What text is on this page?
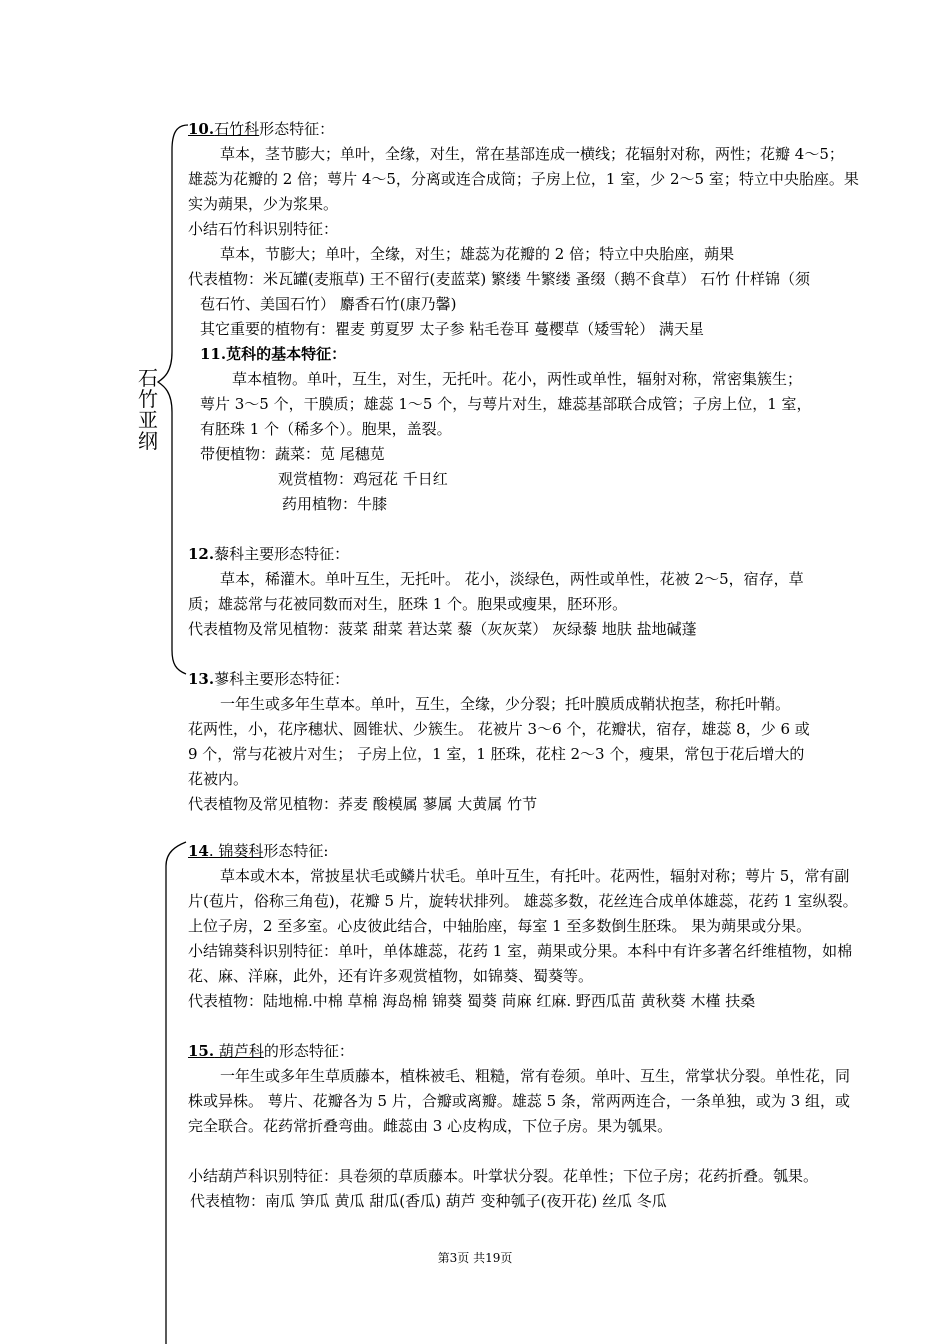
石竹亚纲
10.石竹科形态特征：
草本，茎节膨大；单叶，全缘，对生，常在基部连成一横线；花辐射对称，两性；花瓣 4～5；
雄蕊为花瓣的 2 倍；萼片 4～5，分离或连合成筒；子房上位，1 室，少 2～5 室；特立中央胎座。果
实为蒴果，少为浆果。
小结石竹科识别特征：
草本，节膨大；单叶，全缘，对生；雄蕊为花瓣的 2 倍；特立中央胎座，蒴果
代表植物：米瓦罐(麦瓶草) 王不留行(麦蓝菜) 繁缕 牛繁缕 蚤缀（鹅不食草） 石竹 什样锦（须
苞石竹、美国石竹） 麝香石竹(康乃馨)
其它重要的植物有：瞿麦 剪夏罗 太子参 粘毛卷耳 蔓樱草（矮雪轮） 满天星
11.苋科的基本特征：
草本植物。单叶，互生，对生，无托叶。花小，两性或单性，辐射对称，常密集簇生；
萼片 3～5 个，干膜质；雄蕊 1～5 个，与萼片对生，雄蕊基部联合成管；子房上位，1 室，
有胚珠 1 个（稀多个）。胞果，盖裂。
带便植物：蔬菜：苋 尾穗苋
观赏植物：鸡冠花 千日红
药用植物：牛膝
12.藜科主要形态特征：
草本，稀灌木。单叶互生，无托叶。 花小，淡绿色，两性或单性，花被 2～5，宿存，草
质；雄蕊常与花被同数而对生，胚珠 1 个。胞果或瘦果，胚环形。
代表植物及常见植物：菠菜 甜菜 莙达菜 藜（灰灰菜） 灰绿藜 地肤 盐地碱蓬
13.蓼科主要形态特征：
一年生或多年生草本。单叶，互生，全缘，少分裂；托叶膜质成鞘状抱茎，称托叶鞘。
花两性，小，花序穗状、圆锥状、少簇生。 花被片 3～6 个，花瓣状，宿存，雄蕊 8，少 6 或
9 个，常与花被片对生； 子房上位，1 室，1 胚珠，花柱 2～3 个，瘦果，常包于花后增大的
花被内。
代表植物及常见植物：荞麦 酸模属 蓼属 大黄属 竹节
14. 锦葵科形态特征:
草本或木本，常披星状毛或鳞片状毛。单叶互生，有托叶。花两性，辐射对称；萼片 5，常有副
片(苞片，俗称三角苞)，花瓣 5 片，旋转状排列。 雄蕊多数，花丝连合成单体雄蕊，花药 1 室纵裂。
上位子房，2 至多室。心皮彼此结合，中轴胎座，每室 1 至多数倒生胚珠。 果为蒴果或分果。
小结锦葵科识别特征：单叶，单体雄蕊，花药 1 室，蒴果或分果。本科中有许多著名纤维植物，如棉
花、麻、洋麻，此外，还有许多观赏植物，如锦葵、蜀葵等。
代表植物：陆地棉.中棉 草棉 海岛棉 锦葵 蜀葵 苘麻 红麻. 野西瓜苗 黄秋葵 木槿 扶桑
15. 葫芦科的形态特征：
一年生或多年生草质藤本，植株被毛、粗糙，常有卷须。单叶、互生，常掌状分裂。单性花，同
株或异株。 萼片、花瓣各为 5 片，合瓣或离瓣。雄蕊 5 条，常两两连合，一条单独，或为 3 组，或
完全联合。花药常折叠弯曲。雌蕊由 3 心皮构成，下位子房。果为瓠果。
小结葫芦科识别特征：具卷须的草质藤本。叶掌状分裂。花单性；下位子房；花药折叠。瓠果。
代表植物：南瓜 笋瓜 黄瓜 甜瓜(香瓜) 葫芦 变种瓠子(夜开花) 丝瓜 冬瓜
第3页 共19页
